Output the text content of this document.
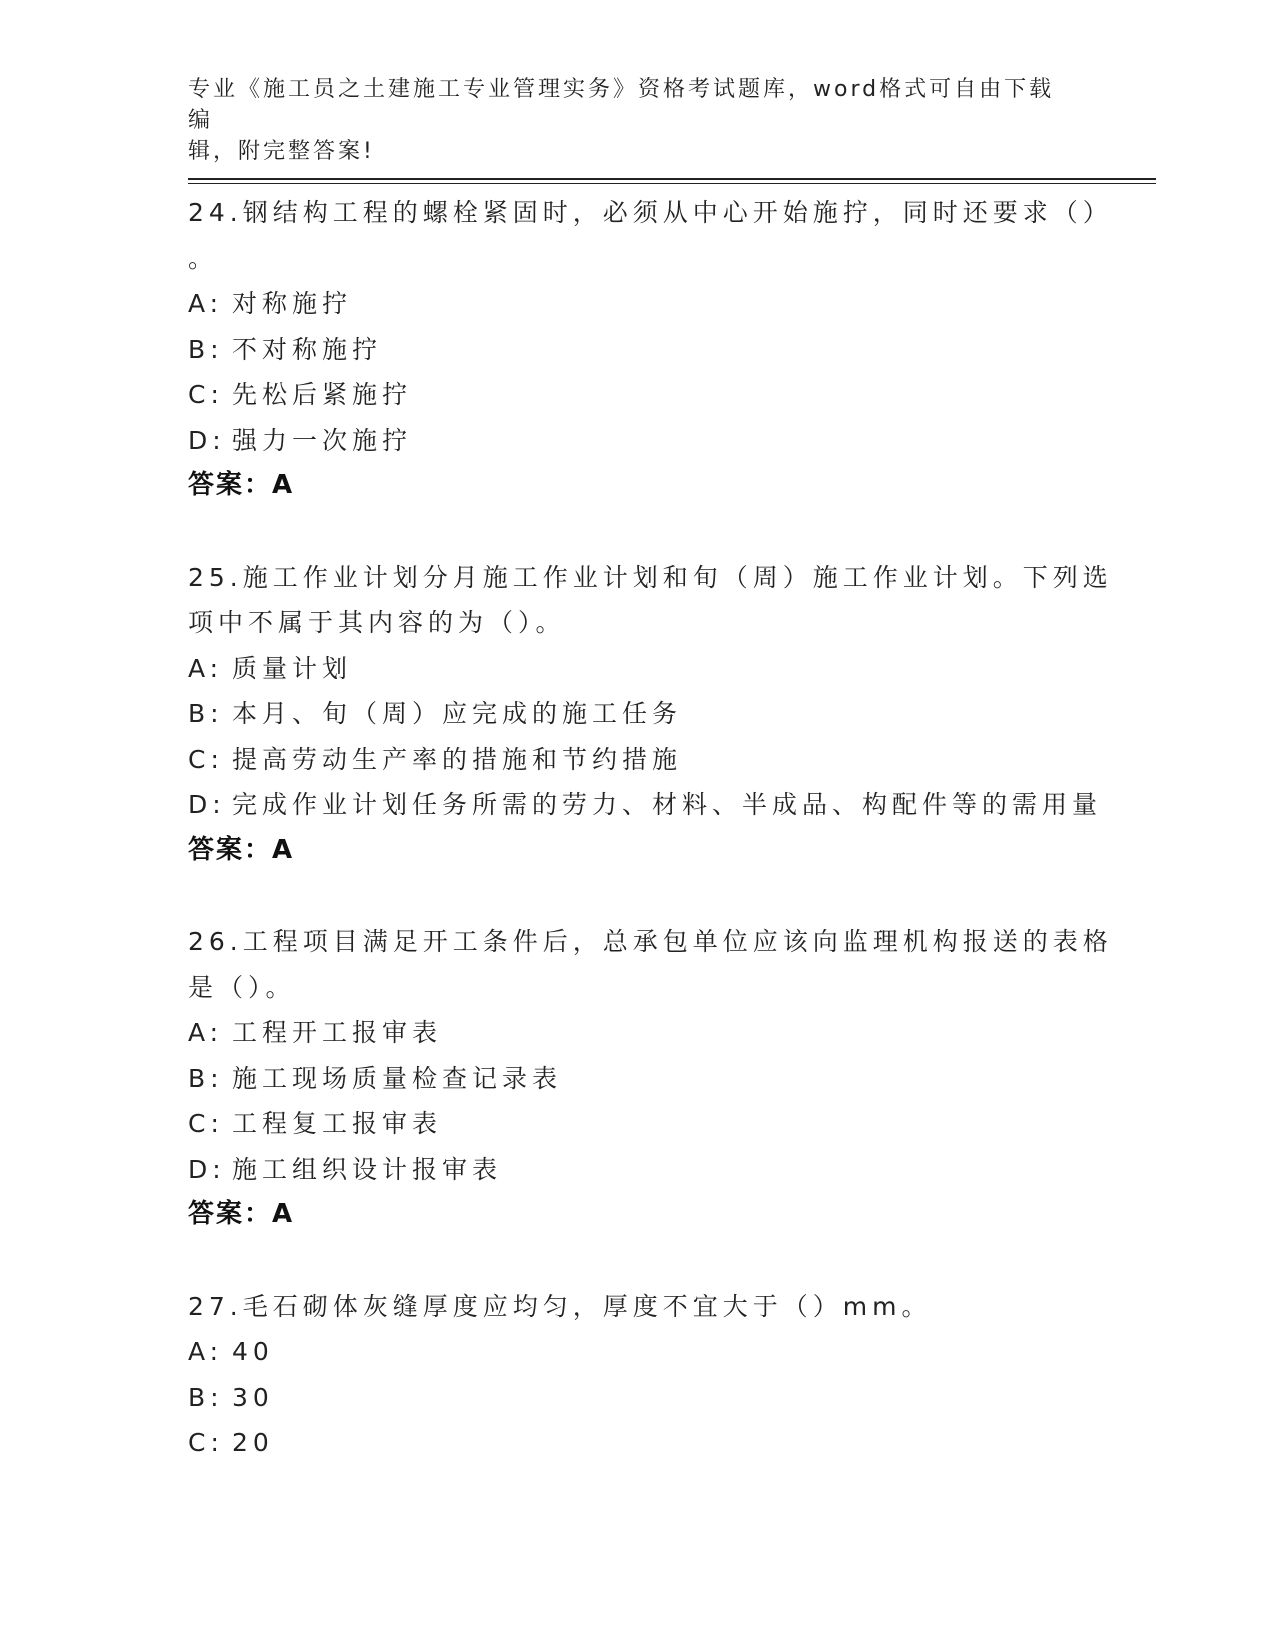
专业《施工员之土建施工专业管理实务》资格考试题库，word格式可自由下载编
辑，附完整答案!
24.钢结构工程的螺栓紧固时，必须从中心开始施拧，同时还要求（）
。
A: 对称施拧
B: 不对称施拧
C: 先松后紧施拧
D: 强力一次施拧
答案：A
25.施工作业计划分月施工作业计划和旬（周）施工作业计划。下列选
项中不属于其内容的为（）。
A: 质量计划
B: 本月、旬（周）应完成的施工任务
C: 提高劳动生产率的措施和节约措施
D: 完成作业计划任务所需的劳力、材料、半成品、构配件等的需用量
答案：A
26.工程项目满足开工条件后，总承包单位应该向监理机构报送的表格
是（）。
A: 工程开工报审表
B: 施工现场质量检查记录表
C: 工程复工报审表
D: 施工组织设计报审表
答案：A
27.毛石砌体灰缝厚度应均匀，厚度不宜大于（）mm。
A: 40
B: 30
C: 20
